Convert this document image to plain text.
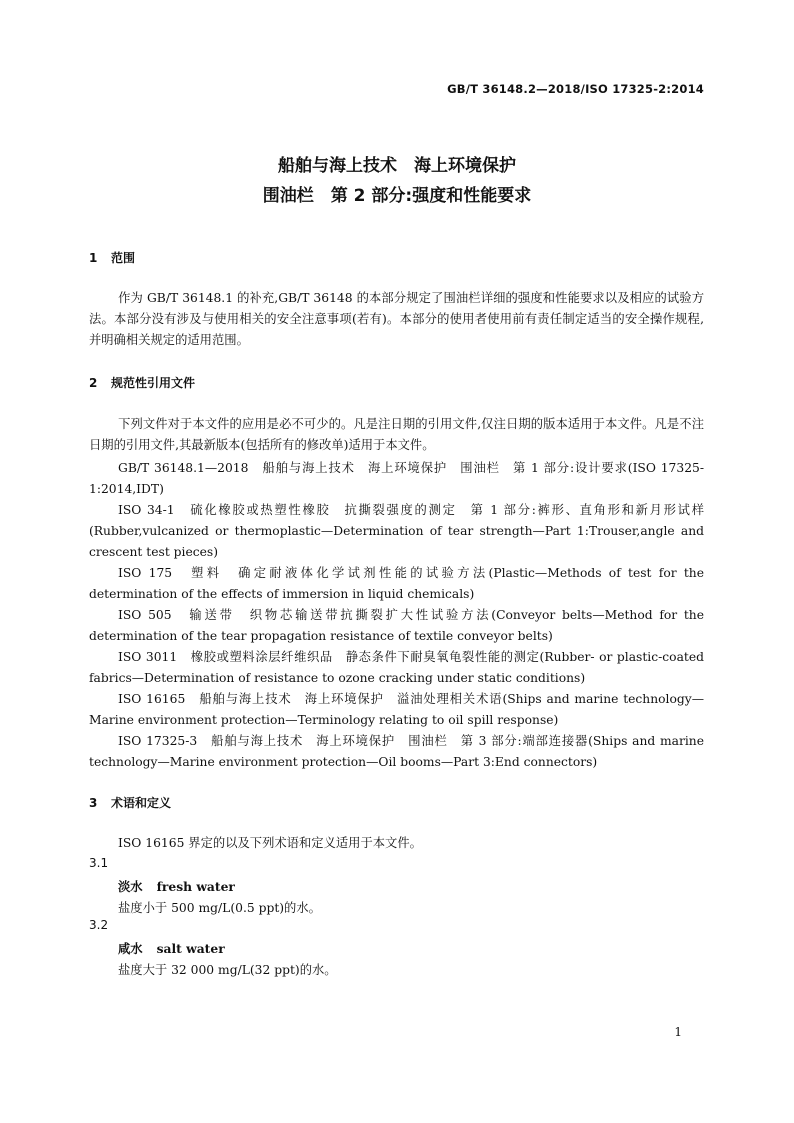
GB/T 36148.2—2018/ISO 17325-2:2014
船舶与海上技术　海上环境保护
围油栏　第 2 部分:强度和性能要求
1 范围
作为 GB/T 36148.1 的补充,GB/T 36148 的本部分规定了围油栏详细的强度和性能要求以及相应的试验方法。本部分没有涉及与使用相关的安全注意事项(若有)。本部分的使用者使用前有责任制定适当的安全操作规程,并明确相关规定的适用范围。
2 规范性引用文件
下列文件对于本文件的应用是必不可少的。凡是注日期的引用文件,仅注日期的版本适用于本文件。凡是不注日期的引用文件,其最新版本(包括所有的修改单)适用于本文件。

GB/T 36148.1—2018　船舶与海上技术　海上环境保护　围油栏　第 1 部分:设计要求(ISO 17325-1:2014,IDT)

ISO 34-1　硫化橡胶或热塑性橡胶　抗撕裂强度的测定　第 1 部分:裤形、直角形和新月形试样(Rubber,vulcanized or thermoplastic—Determination of tear strength—Part 1:Trouser,angle and crescent test pieces)

ISO 175　塑料　确定耐液体化学试剂性能的试验方法(Plastic—Methods of test for the determination of the effects of immersion in liquid chemicals)

ISO 505　输送带　织物芯输送带抗撕裂扩大性试验方法(Conveyor belts—Method for the determination of the tear propagation resistance of textile conveyor belts)

ISO 3011　橡胶或塑料涂层纤维织品　静态条件下耐臭氧龟裂性能的测定(Rubber- or plastic-coated fabrics—Determination of resistance to ozone cracking under static conditions)

ISO 16165　船舶与海上技术　海上环境保护　溢油处理相关术语(Ships and marine technology—Marine environment protection—Terminology relating to oil spill response)

ISO 17325-3　船舶与海上技术　海上环境保护　围油栏　第 3 部分:端部连接器(Ships and marine technology—Marine environment protection—Oil booms—Part 3:End connectors)

3 术语和定义
ISO 16165 界定的以及下列术语和定义适用于本文件。
3.1
淡水 fresh water
盐度小于 500 mg/L(0.5 ppt)的水。
3.2
咸水 salt water
盐度大于 32 000 mg/L(32 ppt)的水。
1
